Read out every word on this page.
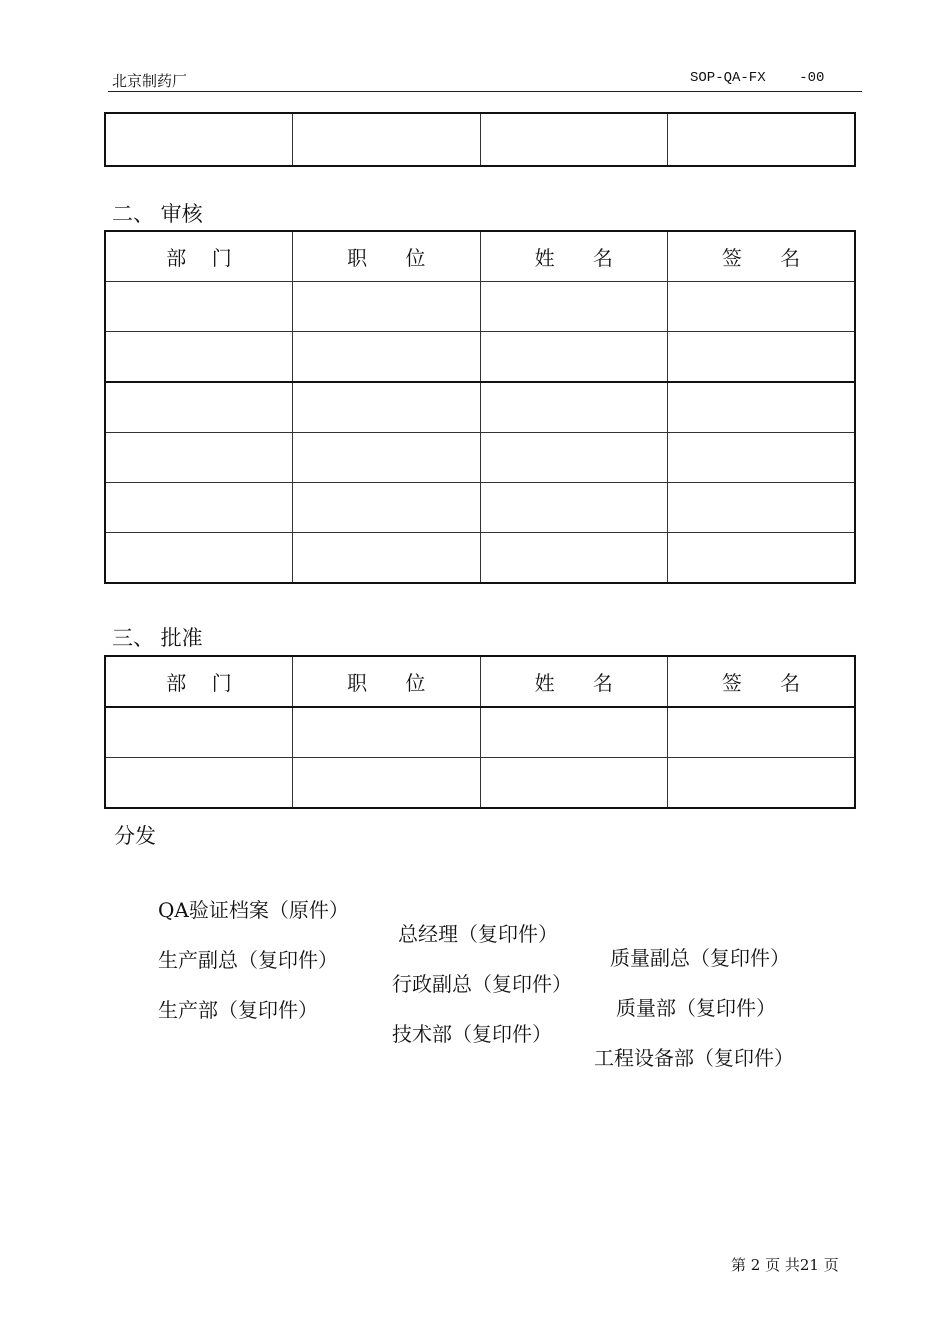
北京制药厂	SOP-QA-FX    -00

二、 审核
部    门	职      位	姓      名	签      名

三、 批准
部    门	职      位	姓      名	签      名

分发

QA验证档案（原件）

总经理（复印件）

质量副总（复印件）

生产副总（复印件）

行政副总（复印件）

质量部（复印件）

生产部（复印件）

技术部（复印件）

工程设备部（复印件）

第 2 页 共21 页
